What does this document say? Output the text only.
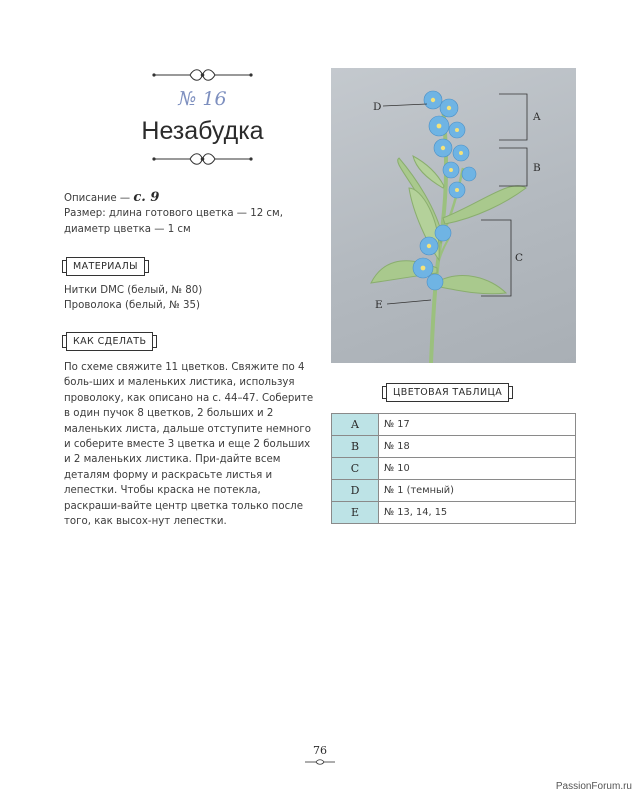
№ 16
Незабудка
Описание — с. 9
Размер: длина готового цветка — 12 см, диаметр цветка — 1 см
МАТЕРИАЛЫ
Нитки DMC (белый, № 80)
Проволока (белый, № 35)
КАК СДЕЛАТЬ
По схеме свяжите 11 цветков. Свяжите по 4 боль-ших и маленьких листика, используя проволоку, как описано на с. 44–47. Соберите в один пучок 8 цветков, 2 больших и 2 маленьких листа, дальше отступите немного и соберите вместе 3 цветка и еще 2 больших и 2 маленьких листика. При-дайте всем деталям форму и раскрасьте листья и лепестки. Чтобы краска не потекла, раскраши-вайте центр цветка только после того, как высох-нут лепестки.
D
A
B
C
E
ЦВЕТОВАЯ ТАБЛИЦА
A	№ 17
B	№ 18
C	№ 10
D	№ 1 (темный)
E	№ 13, 14, 15
76
PassionForum.ru
